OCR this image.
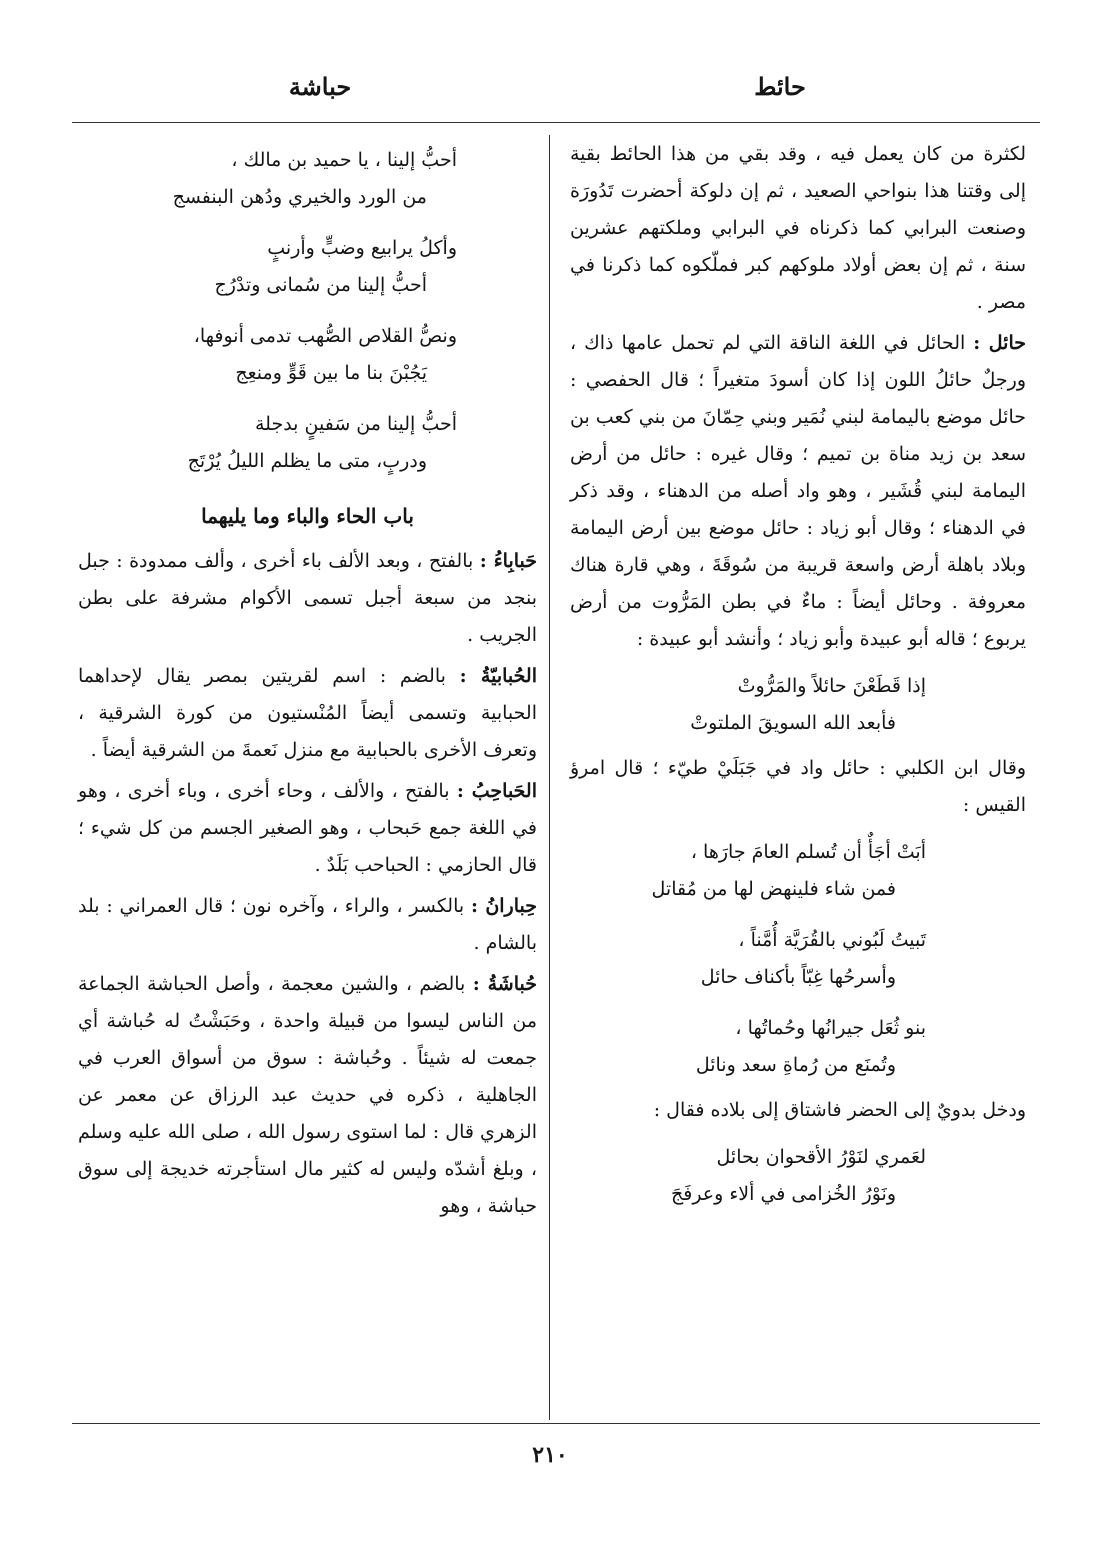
حائط
حباشة

لكثرة من كان يعمل فيه ، وقد بقي من هذا الحائط بقية إلى وقتنا هذا بنواحي الصعيد ، ثم إن دلوكة أحضرت تَدُورَة وصنعت البرابي كما ذكرناه في البرابي وملكتهم عشرين سنة ، ثم إن بعض أولاد ملوكهم كبر فملّكوه كما ذكرنا في مصر .

حائل : الحائل في اللغة الناقة التي لم تحمل عامها ذاك ، ورجلٌ حائلُ اللون إذا كان أسودَ متغيراً ؛ قال الحفصي : حائل موضع باليمامة لبني نُمَير وبني حِمّانَ من بني كعب بن سعد بن زيد مناة بن تميم ؛ وقال غيره : حائل من أرض اليمامة لبني قُشَير ، وهو واد أصله من الدهناء ، وقد ذكر في الدهناء ؛ وقال أبو زياد : حائل موضع بين أرض اليمامة وبلاد باهلة أرض واسعة قريبة من سُوقَةَ ، وهي قارة هناك معروفة . وحائل أيضاً : ماءٌ في بطن المَرُّوت من أرض يربوع ؛ قاله أبو عبيدة وأبو زياد ؛ وأنشد أبو عبيدة :

إذا قَطَعْنَ حائلاً والمَرُّوتْ
فأبعد الله السويقَ الملتوتْ

وقال ابن الكلبي : حائل واد في جَبَلَيْ طيّء ؛ قال امرؤ القيس :

أبَتْ أجَأٌ أن تُسلم العامَ جارَها ،
فمن شاء فلينهض لها من مُقاتل
تَبيتُ لَبُوني بالقُرَيَّة أُمَّناً ،
وأسرحُها غِبّاً بأكناف حائل
بنو ثُعَل جيرانُها وحُماتُها ،
وتُمنَع من رُماةِ سعد ونائل

ودخل بدويٌ إلى الحضر فاشتاق إلى بلاده فقال :

لعَمري لنَوْرُ الأقحوان بحائل
ونَوْرُ الخُزامى في ألاء وعرفَجَ
أحبُّ إلينا ، يا حميد بن مالك ،
من الورد والخيري ودُهن البنفسج
وأكلُ يرابيع وضبٍّ وأرنبٍ
أحبُّ إلينا من سُمانى وتدْرُج
ونصُّ القلاص الصُّهب تدمى أنوفها،
يَجُبْنَ بنا ما بين قَوٍّ ومنعِج
أحبُّ إلينا من سَفينٍ بدجلة
ودربٍ، متى ما يظلم الليلُ يُرْتَج
باب الحاء والباء وما يليهما

حَبابِاءُ : بالفتح ، وبعد الألف باء أخرى ، وألف ممدودة : جبل بنجد من سبعة أجبل تسمى الأكوام مشرفة على بطن الجريب .

الحُبابيّةُ : بالضم : اسم لقريتين بمصر يقال لإحداهما الحبابية وتسمى أيضاً المُنْستيون من كورة الشرقية ، وتعرف الأخرى بالحبابية مع منزل نَعمةَ من الشرقية أيضاً .

الحَباحِبُ : بالفتح ، والألف ، وحاء أخرى ، وباء أخرى ، وهو في اللغة جمع حَبحاب ، وهو الصغير الجسم من كل شيء ؛ قال الحازمي : الحباحب بَلَدٌ .

حِبارانُ : بالكسر ، والراء ، وآخره نون ؛ قال العمراني : بلد بالشام .

حُباشَةُ : بالضم ، والشين معجمة ، وأصل الحباشة الجماعة من الناس ليسوا من قبيلة واحدة ، وحَبَشْتُ له حُباشة أي جمعت له شيئاً . وحُباشة : سوق من أسواق العرب في الجاهلية ، ذكره في حديث عبد الرزاق عن معمر عن الزهري قال : لما استوى رسول الله ، صلى الله عليه وسلم ، وبلغ أشدّه وليس له كثير مال استأجرته خديجة إلى سوق حباشة ، وهو

٢١٠
